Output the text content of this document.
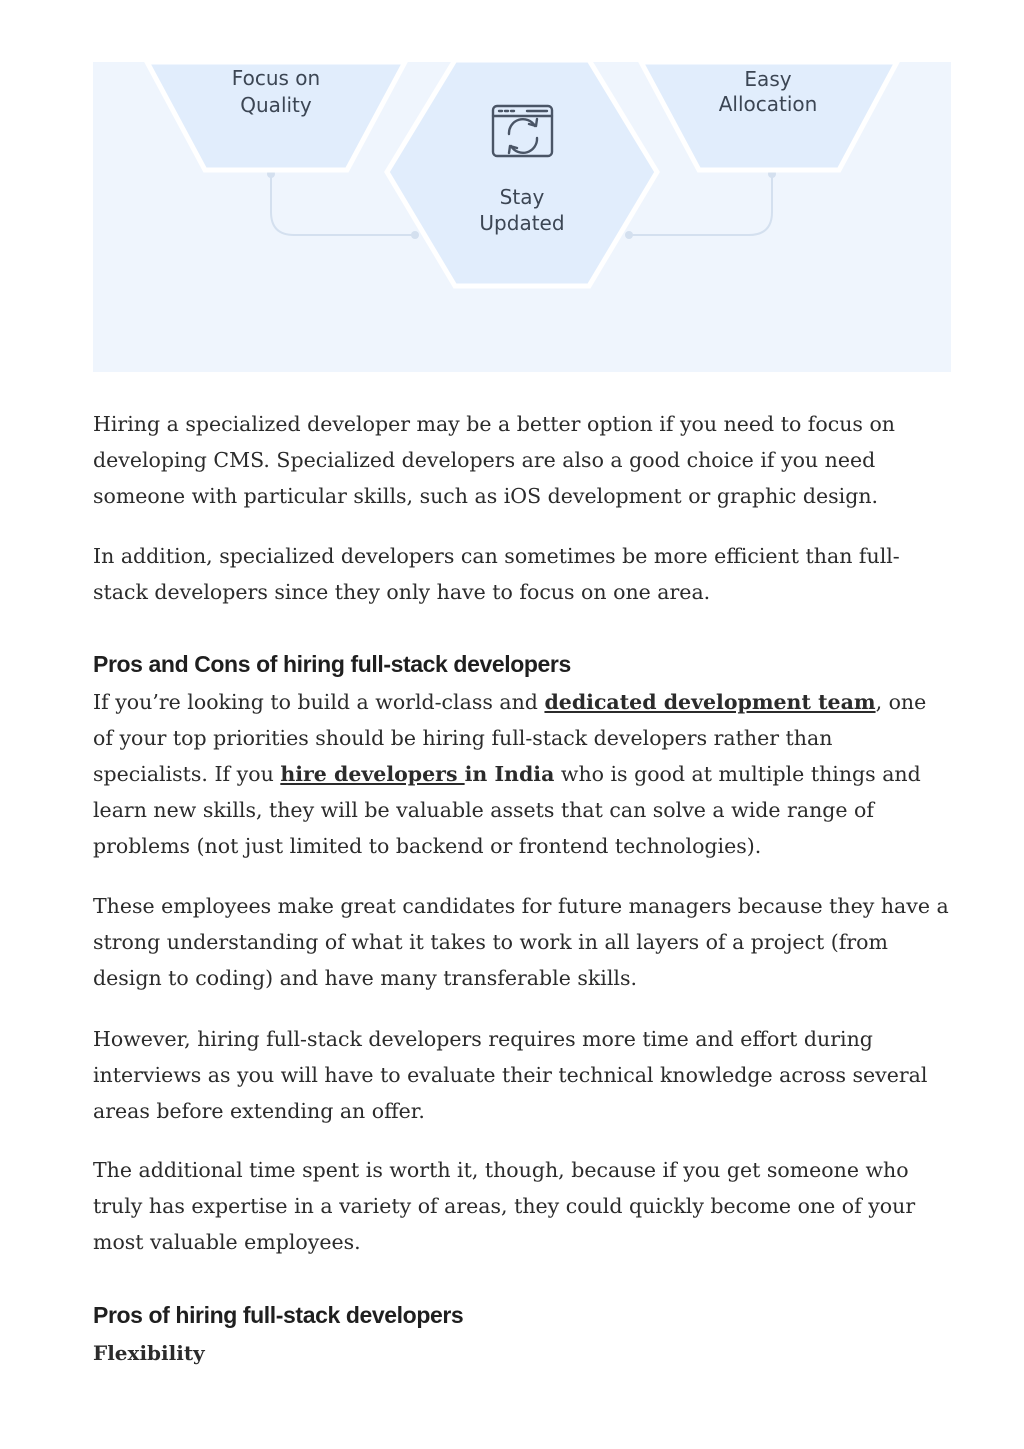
Focus on
Quality
Stay
Updated
Easy
Allocation

Hiring a specialized developer may be a better option if you need to focus on developing CMS. Specialized developers are also a good choice if you need someone with particular skills, such as iOS development or graphic design.

In addition, specialized developers can sometimes be more efficient than full-stack developers since they only have to focus on one area.

Pros and Cons of hiring full-stack developers

If you’re looking to build a world-class and dedicated development team, one of your top priorities should be hiring full-stack developers rather than specialists. If you hire developers in India who is good at multiple things and learn new skills, they will be valuable assets that can solve a wide range of problems (not just limited to backend or frontend technologies).

These employees make great candidates for future managers because they have a strong understanding of what it takes to work in all layers of a project (from design to coding) and have many transferable skills.

However, hiring full-stack developers requires more time and effort during interviews as you will have to evaluate their technical knowledge across several areas before extending an offer.

The additional time spent is worth it, though, because if you get someone who truly has expertise in a variety of areas, they could quickly become one of your most valuable employees.

Pros of hiring full-stack developers
Flexibility
